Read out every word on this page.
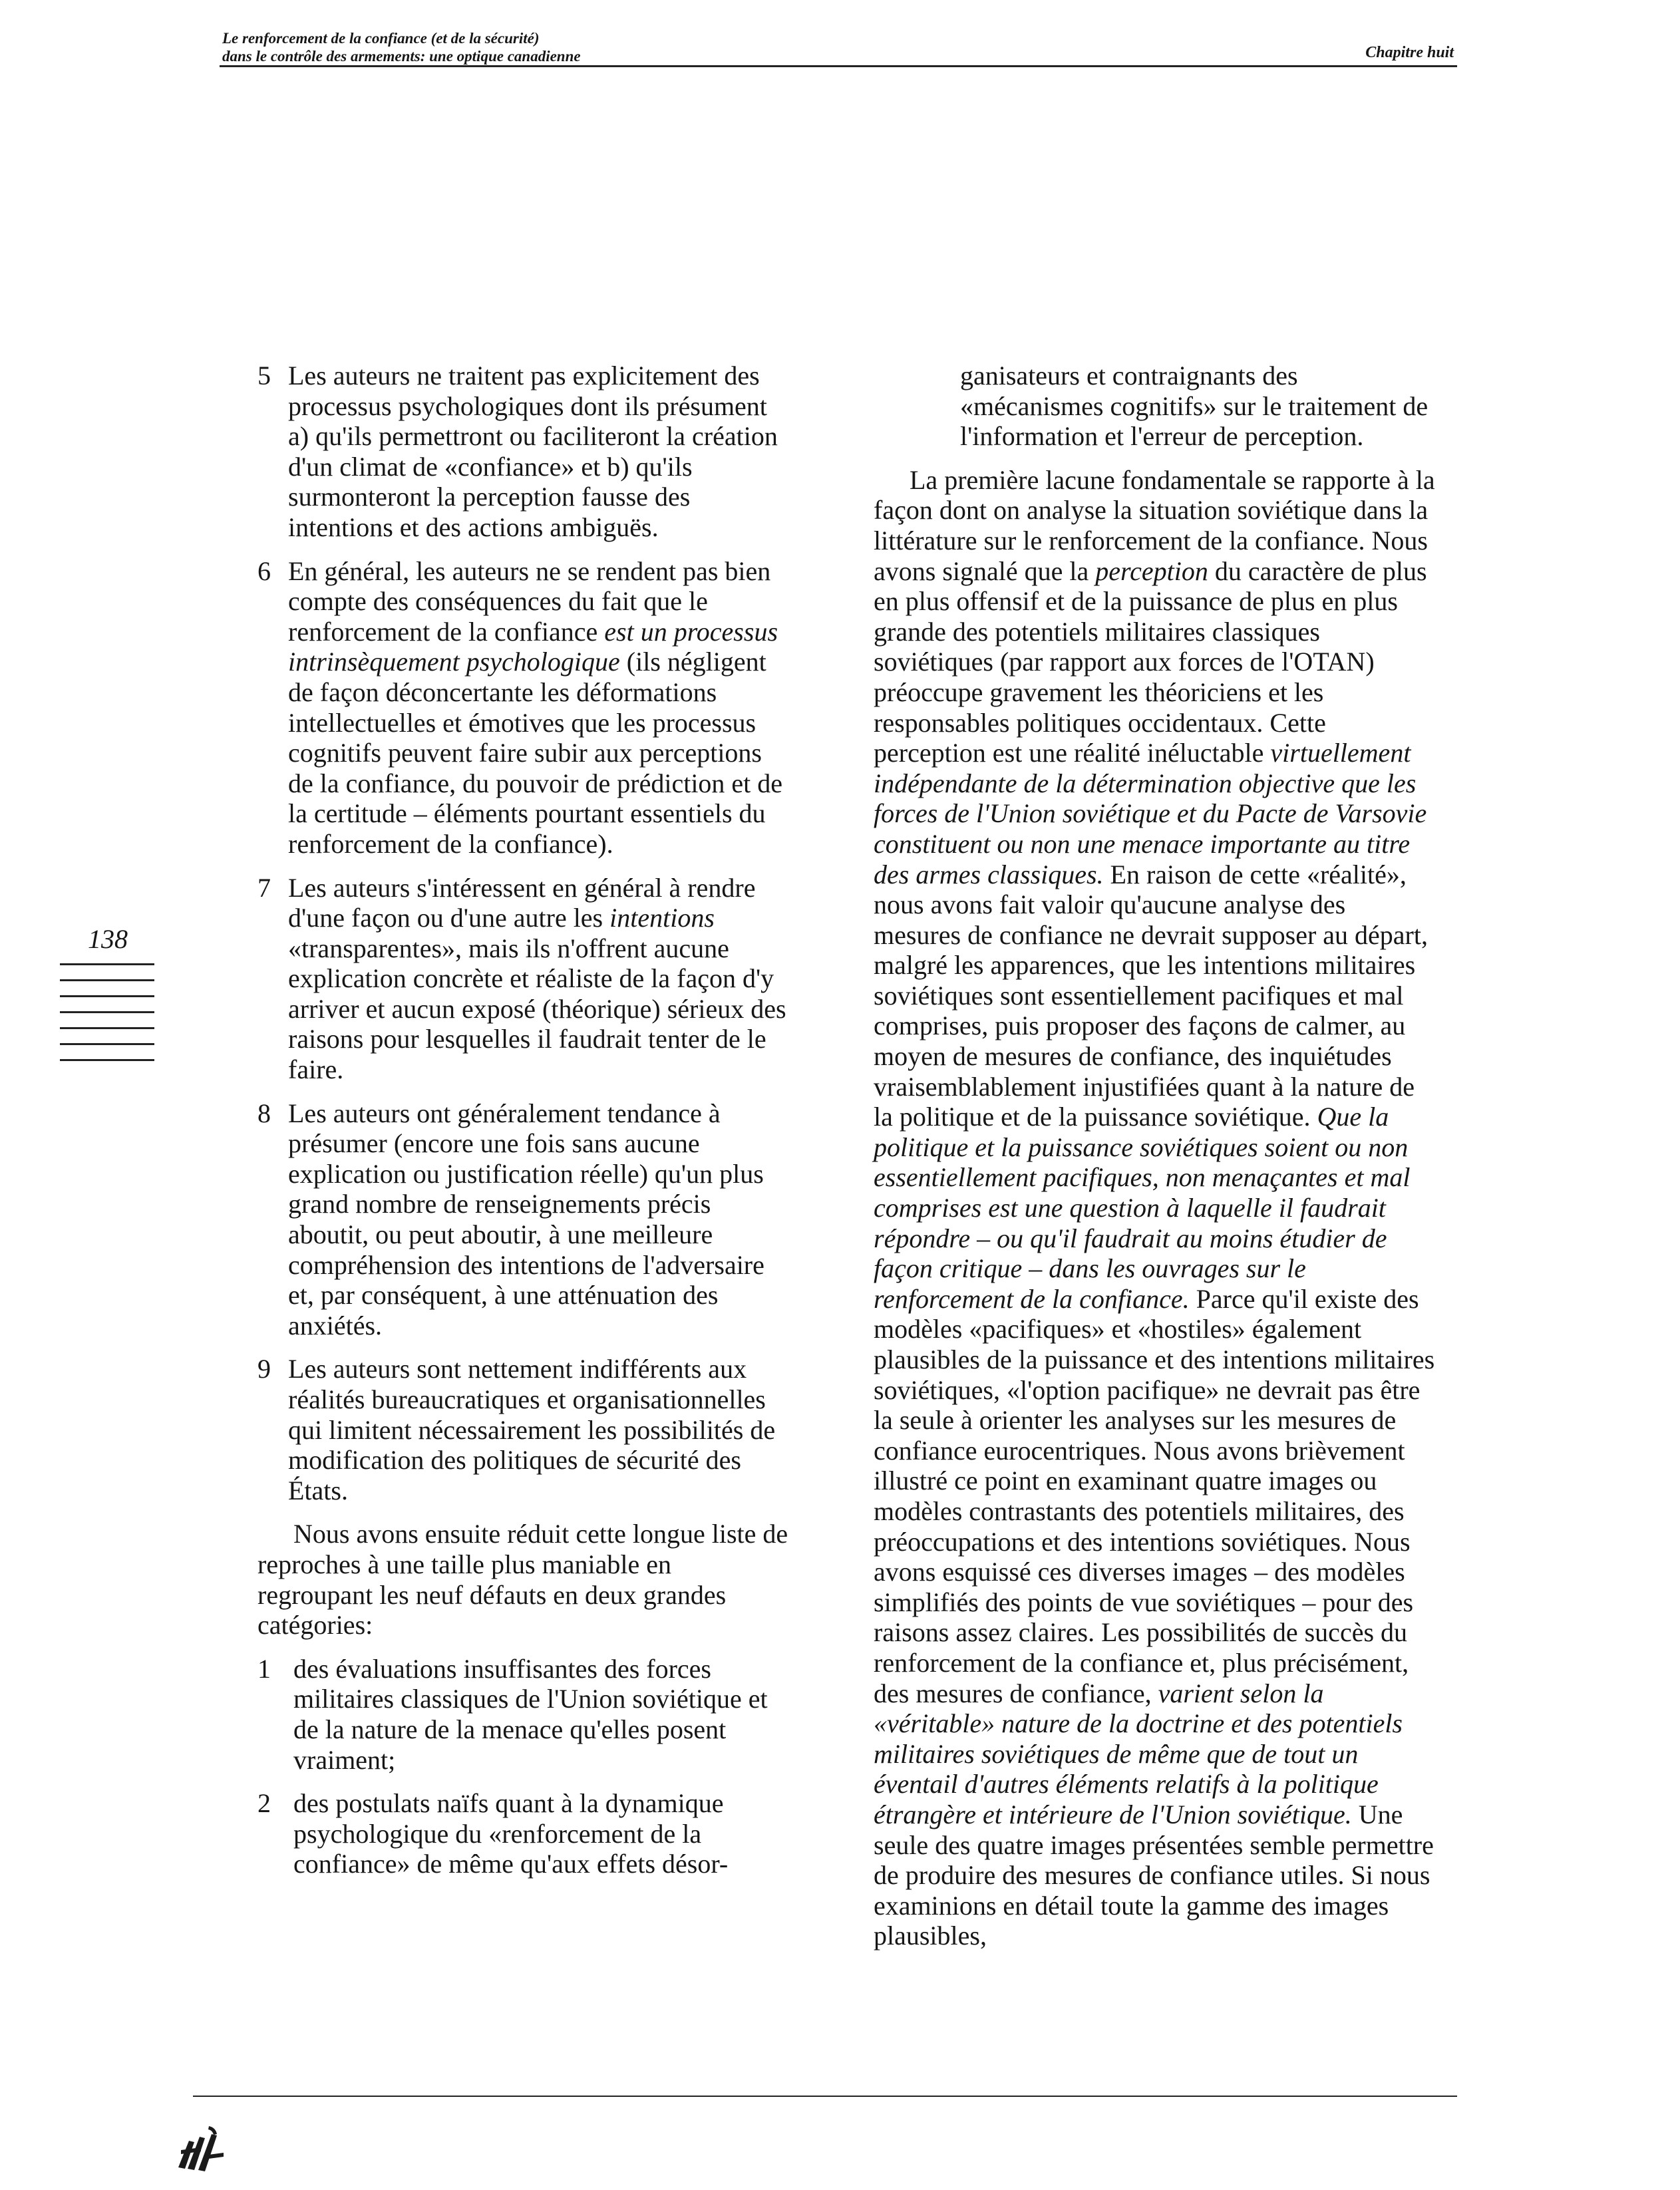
Le renforcement de la confiance (et de la sécurité)
dans le contrôle des armements: une optique canadienne	Chapitre huit
138
5 Les auteurs ne traitent pas explicitement des processus psychologiques dont ils présument a) qu'ils permettront ou faciliteront la création d'un climat de «confiance» et b) qu'ils surmonteront la perception fausse des intentions et des actions ambiguës.
6 En général, les auteurs ne se rendent pas bien compte des conséquences du fait que le renforcement de la confiance est un processus intrinsèquement psychologique (ils négligent de façon déconcertante les déformations intellectuelles et émotives que les processus cognitifs peuvent faire subir aux perceptions de la confiance, du pouvoir de prédiction et de la certitude – éléments pourtant essentiels du renforcement de la confiance).
7 Les auteurs s'intéressent en général à rendre d'une façon ou d'une autre les intentions «transparentes», mais ils n'offrent aucune explication concrète et réaliste de la façon d'y arriver et aucun exposé (théorique) sérieux des raisons pour lesquelles il faudrait tenter de le faire.
8 Les auteurs ont généralement tendance à présumer (encore une fois sans aucune explication ou justification réelle) qu'un plus grand nombre de renseignements précis aboutit, ou peut aboutir, à une meilleure compréhension des intentions de l'adversaire et, par conséquent, à une atténuation des anxiétés.
9 Les auteurs sont nettement indifférents aux réalités bureaucratiques et organisationnelles qui limitent nécessairement les possibilités de modification des politiques de sécurité des États.

Nous avons ensuite réduit cette longue liste de reproches à une taille plus maniable en regroupant les neuf défauts en deux grandes catégories:

1 des évaluations insuffisantes des forces militaires classiques de l'Union soviétique et de la nature de la menace qu'elles posent vraiment;
2 des postulats naïfs quant à la dynamique psychologique du «renforcement de la confiance» de même qu'aux effets désor-

ganisateurs et contraignants des «mécanismes cognitifs» sur le traitement de l'information et l'erreur de perception.

La première lacune fondamentale se rapporte à la façon dont on analyse la situation soviétique dans la littérature sur le renforcement de la confiance. Nous avons signalé que la perception du caractère de plus en plus offensif et de la puissance de plus en plus grande des potentiels militaires classiques soviétiques (par rapport aux forces de l'OTAN) préoccupe gravement les théoriciens et les responsables politiques occidentaux. Cette perception est une réalité inéluctable virtuellement indépendante de la détermination objective que les forces de l'Union soviétique et du Pacte de Varsovie constituent ou non une menace importante au titre des armes classiques. En raison de cette «réalité», nous avons fait valoir qu'aucune analyse des mesures de confiance ne devrait supposer au départ, malgré les apparences, que les intentions militaires soviétiques sont essentiellement pacifiques et mal comprises, puis proposer des façons de calmer, au moyen de mesures de confiance, des inquiétudes vraisemblablement injustifiées quant à la nature de la politique et de la puissance soviétique. Que la politique et la puissance soviétiques soient ou non essentiellement pacifiques, non menaçantes et mal comprises est une question à laquelle il faudrait répondre – ou qu'il faudrait au moins étudier de façon critique – dans les ouvrages sur le renforcement de la confiance. Parce qu'il existe des modèles «pacifiques» et «hostiles» également plausibles de la puissance et des intentions militaires soviétiques, «l'option pacifique» ne devrait pas être la seule à orienter les analyses sur les mesures de confiance eurocentriques. Nous avons brièvement illustré ce point en examinant quatre images ou modèles contrastants des potentiels militaires, des préoccupations et des intentions soviétiques. Nous avons esquissé ces diverses images – des modèles simplifiés des points de vue soviétiques – pour des raisons assez claires. Les possibilités de succès du renforcement de la confiance et, plus précisément, des mesures de confiance, varient selon la «véritable» nature de la doctrine et des potentiels militaires soviétiques de même que de tout un éventail d'autres éléments relatifs à la politique étrangère et intérieure de l'Union soviétique. Une seule des quatre images présentées semble permettre de produire des mesures de confiance utiles. Si nous examinions en détail toute la gamme des images plausibles,
